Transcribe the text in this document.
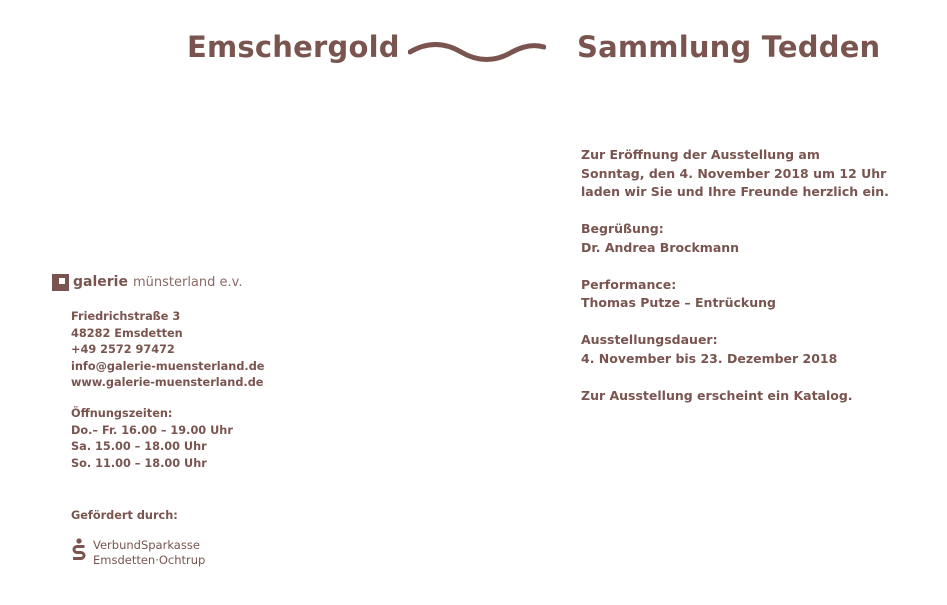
Emschergold	Sammlung Tedden

Zur Eröffnung der Ausstellung am

Sonntag, den 4. November 2018 um 12 Uhr

laden wir Sie und Ihre Freunde herzlich ein.

Begrüßung:

Dr. Andrea Brockmann

Performance:

Thomas Putze – Entrückung

Ausstellungsdauer:

4. November bis 23. Dezember 2018

Zur Ausstellung erscheint ein Katalog.

galerie münsterland e.v.

Friedrichstraße 3

48282 Emsdetten

+49 2572 97472

info@galerie-muensterland.de

www.galerie-muensterland.de

Öffnungszeiten:

Do.– Fr. 16.00 – 19.00 Uhr

Sa. 15.00 – 18.00 Uhr

So. 11.00 – 18.00 Uhr

Gefördert durch:

VerbundSparkasse

Emsdetten·Ochtrup
